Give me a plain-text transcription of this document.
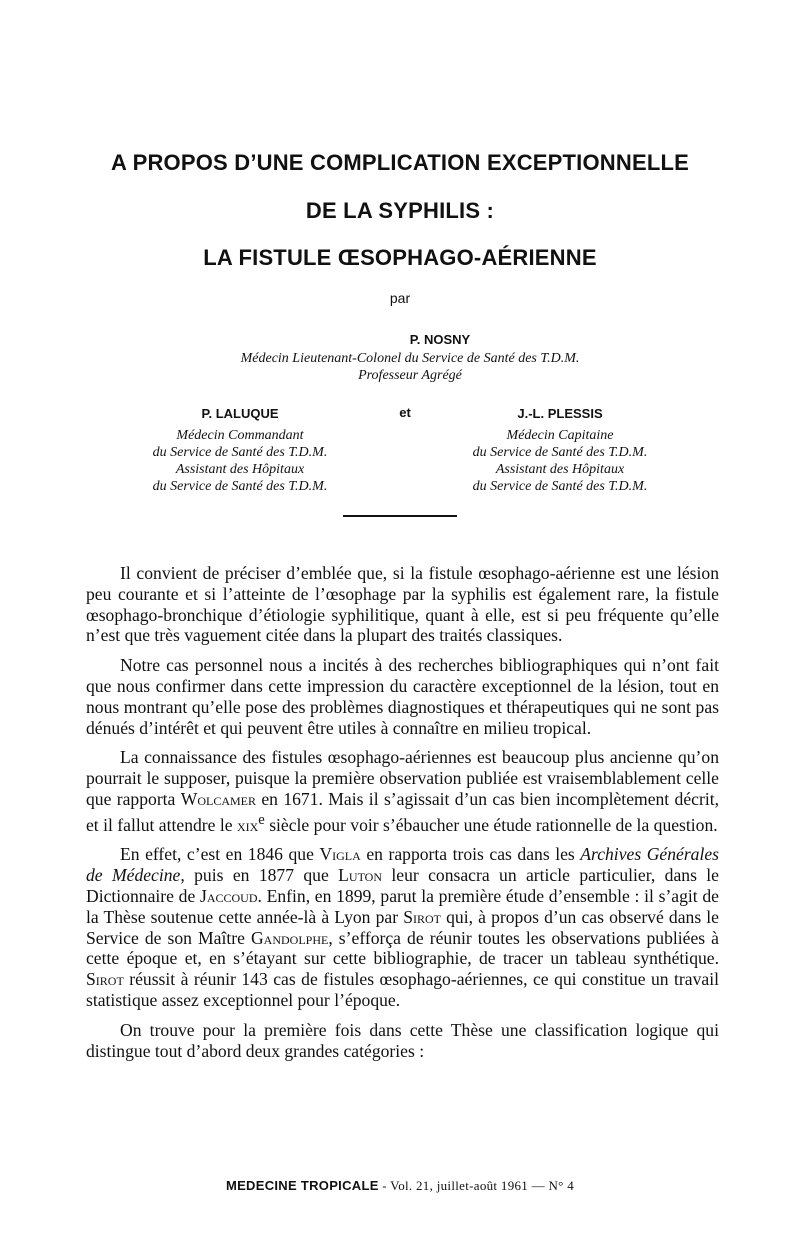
A PROPOS D’UNE COMPLICATION EXCEPTIONNELLE
DE LA SYPHILIS :
LA FISTULE ŒSOPHAGO-AÉRIENNE
par
P. NOSNY
Médecin Lieutenant-Colonel du Service de Santé des T.D.M.
Professeur Agrégé
P. LALUQUE
Médecin Commandant
du Service de Santé des T.D.M.
Assistant des Hôpitaux
du Service de Santé des T.D.M.
et	J.-L. PLESSIS
Médecin Capitaine
du Service de Santé des T.D.M.
Assistant des Hôpitaux
du Service de Santé des T.D.M.

Il convient de préciser d’emblée que, si la fistule œsophago-aérienne est une lésion peu courante et si l’atteinte de l’œsophage par la syphilis est également rare, la fistule œsophago-bronchique d’étiologie syphilitique, quant à elle, est si peu fréquente qu’elle n’est que très vaguement citée dans la plupart des traités classiques.

Notre cas personnel nous a incités à des recherches bibliographiques qui n’ont fait que nous confirmer dans cette impression du caractère exceptionnel de la lésion, tout en nous montrant qu’elle pose des problèmes diagnostiques et thérapeutiques qui ne sont pas dénués d’intérêt et qui peuvent être utiles à connaître en milieu tropical.

La connaissance des fistules œsophago-aériennes est beaucoup plus ancienne qu’on pourrait le supposer, puisque la première observation publiée est vraisemblablement celle que rapporta Wolcamer en 1671. Mais il s’agissait d’un cas bien incomplètement décrit, et il fallut attendre le xix$^e$ siècle pour voir s’ébaucher une étude rationnelle de la question.

En effet, c’est en 1846 que Vigla en rapporta trois cas dans les Archives Générales de Médecine, puis en 1877 que Luton leur consacra un article particulier, dans le Dictionnaire de Jaccoud. Enfin, en 1899, parut la première étude d’ensemble : il s’agit de la Thèse soutenue cette année-là à Lyon par Sirot qui, à propos d’un cas observé dans le Service de son Maître Gandolphe, s’efforça de réunir toutes les observations publiées à cette époque et, en s’étayant sur cette bibliographie, de tracer un tableau synthétique. Sirot réussit à réunir 143 cas de fistules œsophago-aériennes, ce qui constitue un travail statistique assez exceptionnel pour l’époque.

On trouve pour la première fois dans cette Thèse une classification logique qui distingue tout d’abord deux grandes catégories :

MEDECINE TROPICALE - Vol. 21, juillet-août 1961 — N° 4
